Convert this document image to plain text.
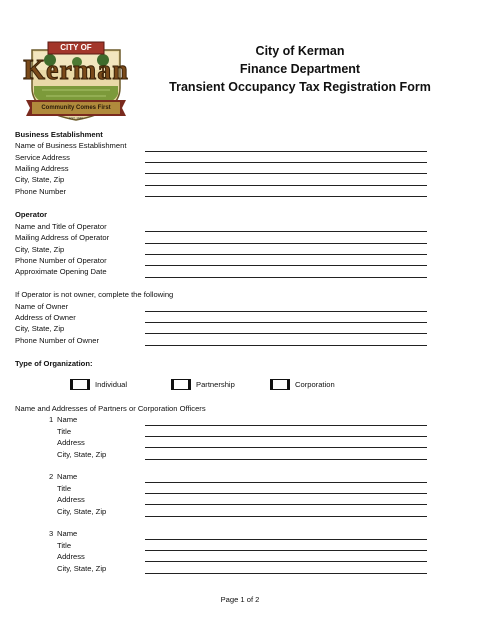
CITY OF
Kerman
Community Comes First
EST. 1946
City of Kerman
Finance Department
Transient Occupancy Tax Registration Form
Business Establishment
Name of Business Establishment
Service Address
Mailing Address
City, State, Zip
Phone Number
Operator
Name and Title of Operator
Mailing Address of Operator
City, State, Zip
Phone Number of Operator
Approximate Opening Date
If Operator is not owner, complete the following
Name of Owner
Address of Owner
City, State, Zip
Phone Number of Owner
Type of Organization:
Individual	Partnership	Corporation
Name and Addresses of Partners or Corporation Officers
1 Name
Title
Address
City, State, Zip
2 Name
Title
Address
City, State, Zip
3 Name
Title
Address
City, State, Zip
Page 1 of 2
